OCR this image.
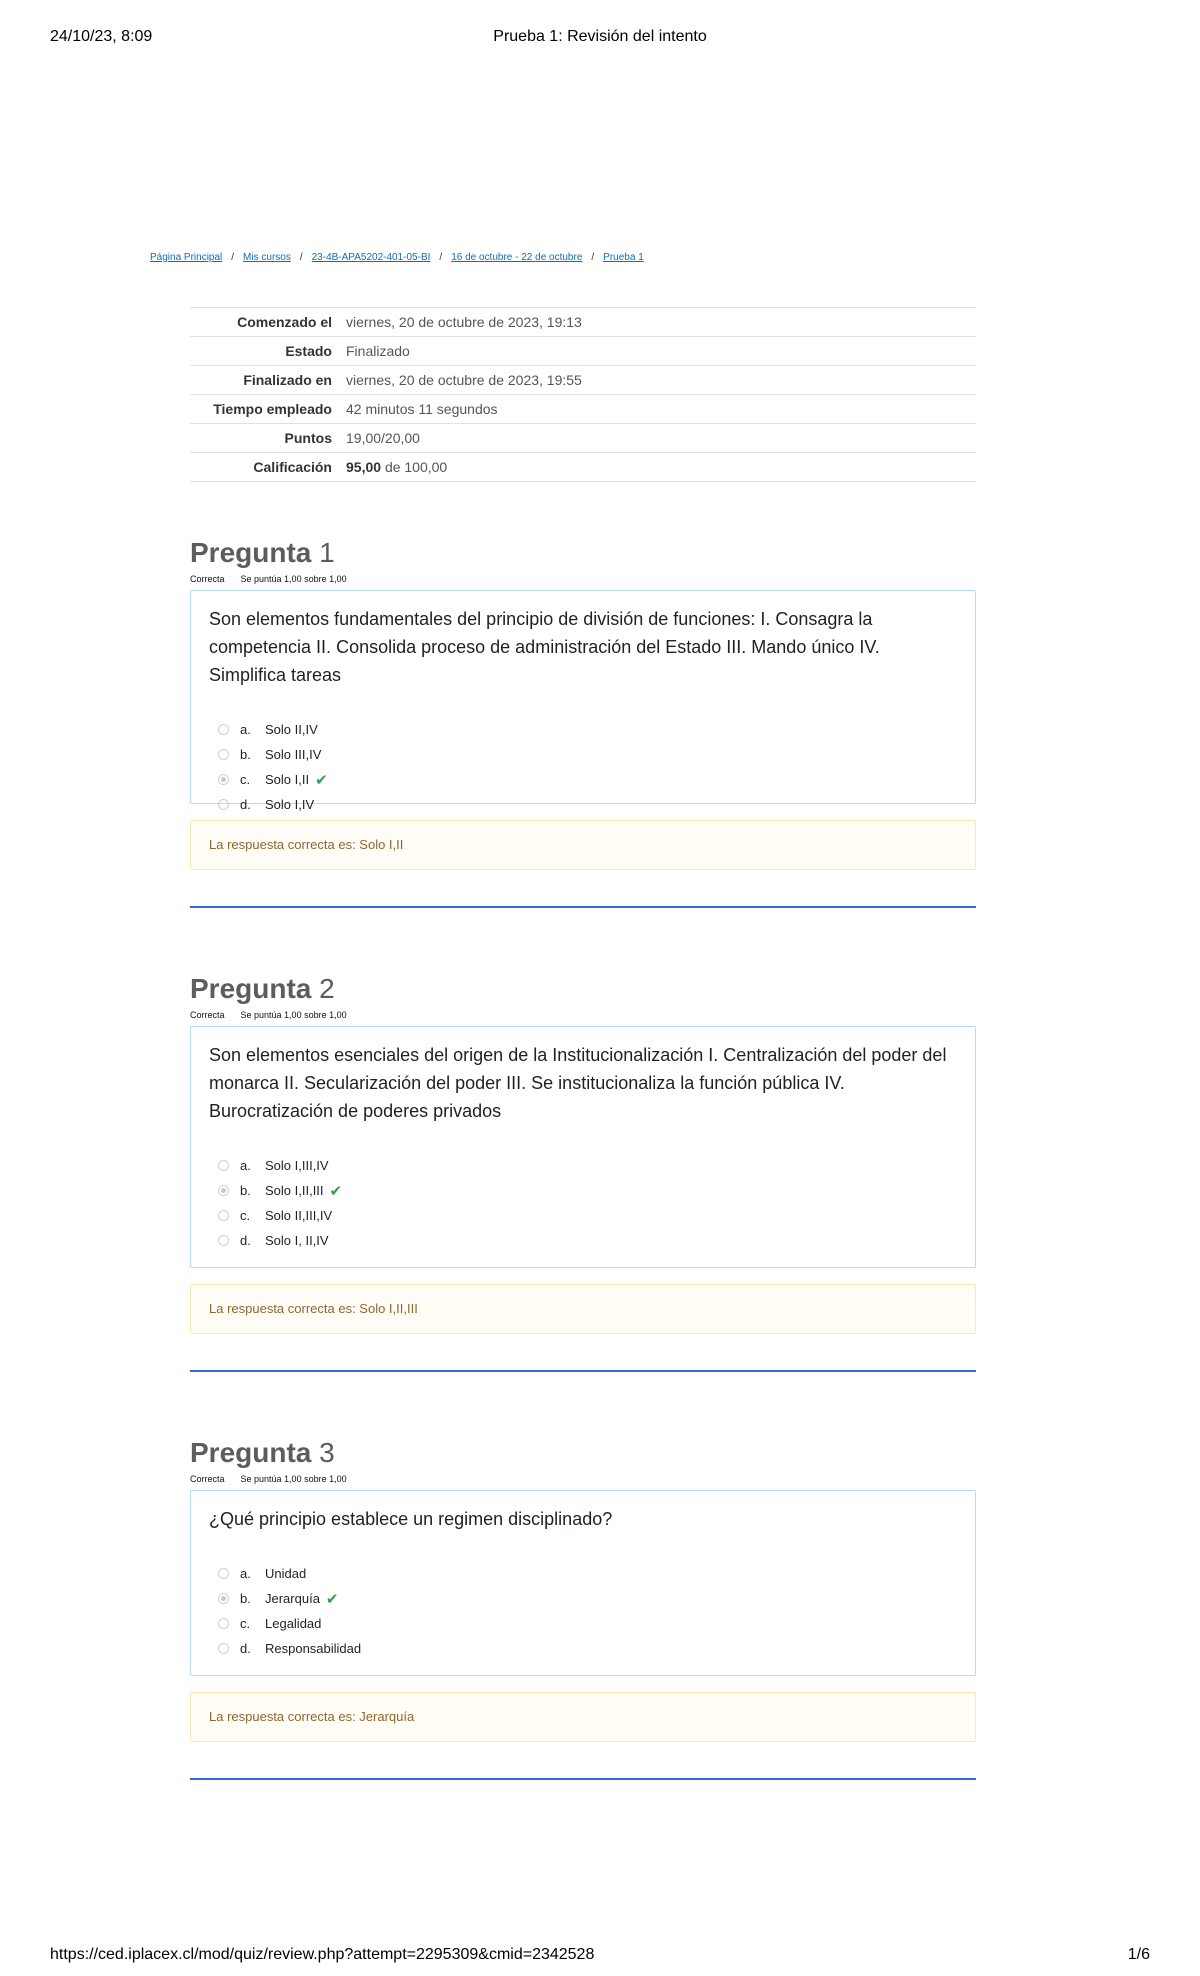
24/10/23, 8:09	Prueba 1: Revisión del intento
Página Principal / Mis cursos / 23-4B-APA5202-401-05-BI / 16 de octubre - 22 de octubre / Prueba 1
Comenzado el	viernes, 20 de octubre de 2023, 19:13
Estado	Finalizado
Finalizado en	viernes, 20 de octubre de 2023, 19:55
Tiempo empleado	42 minutos 11 segundos
Puntos	19,00/20,00
Calificación	95,00 de 100,00
Pregunta 1
Correcta Se puntúa 1,00 sobre 1,00
Son elementos fundamentales del principio de división de funciones: I. Consagra la competencia II. Consolida proceso de administración del Estado III. Mando único IV. Simplifica tareas
a.	Solo II,IV
b.	Solo III,IV
c.	Solo I,II ✔
d.	Solo I,IV
La respuesta correcta es: Solo I,II
Pregunta 2
Correcta Se puntúa 1,00 sobre 1,00
Son elementos esenciales del origen de la Institucionalización I. Centralización del poder del monarca II. Secularización del poder III. Se institucionaliza la función pública IV. Burocratización de poderes privados
a.	Solo I,III,IV
b.	Solo I,II,III ✔
c.	Solo II,III,IV
d.	Solo I, II,IV
La respuesta correcta es: Solo I,II,III
Pregunta 3
Correcta Se puntúa 1,00 sobre 1,00
¿Qué principio establece un regimen disciplinado?
a.	Unidad
b.	Jerarquía ✔
c.	Legalidad
d.	Responsabilidad
La respuesta correcta es: Jerarquía
https://ced.iplacex.cl/mod/quiz/review.php?attempt=2295309&cmid=2342528	1/6
